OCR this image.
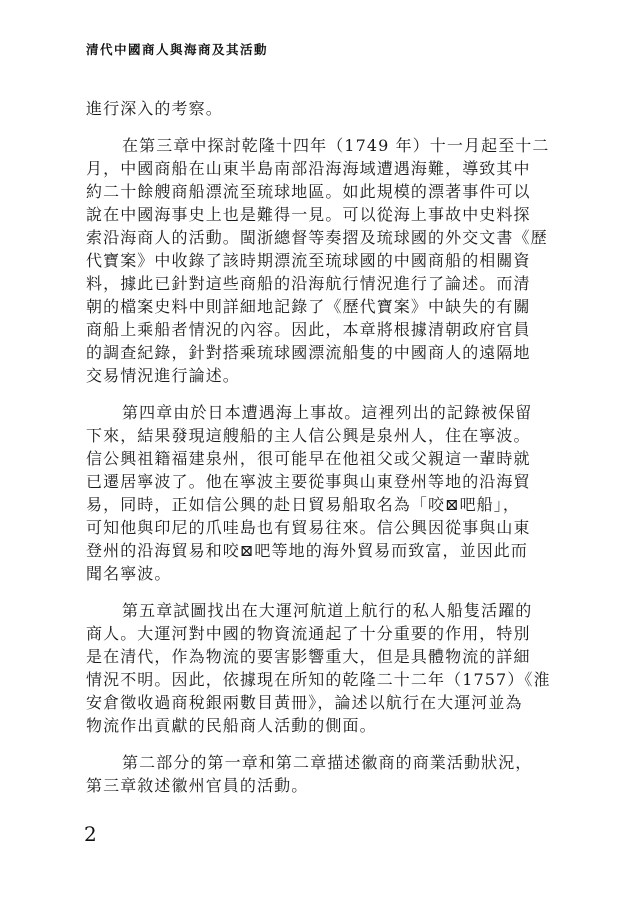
清代中國商人與海商及其活動
進行深入的考察。
在第三章中探討乾隆十四年（1749 年）十一月起至十二
月，中國商船在山東半島南部沿海海域遭遇海難，導致其中
約二十餘艘商船漂流至琉球地區。如此規模的漂著事件可以
說在中國海事史上也是難得一見。可以從海上事故中史料探
索沿海商人的活動。閩浙總督等奏摺及琉球國的外交文書《歷
代寶案》中收錄了該時期漂流至琉球國的中國商船的相關資
料，據此已針對這些商船的沿海航行情況進行了論述。而清
朝的檔案史料中則詳細地記錄了《歷代寶案》中缺失的有關
商船上乘船者情況的內容。因此，本章將根據清朝政府官員
的調查紀錄，針對搭乘琉球國漂流船隻的中國商人的遠隔地
交易情況進行論述。
第四章由於日本遭遇海上事故。這裡列出的記錄被保留
下來，結果發現這艘船的主人信公興是泉州人，住在寧波。
信公興祖籍福建泉州，很可能早在他祖父或父親這一輩時就
已遷居寧波了。他在寧波主要從事與山東登州等地的沿海貿
易，同時，正如信公興的赴日貿易船取名為「咬⊠吧船」，
可知他與印尼的爪哇島也有貿易往來。信公興因從事與山東
登州的沿海貿易和咬⊠吧等地的海外貿易而致富，並因此而
聞名寧波。
第五章試圖找出在大運河航道上航行的私人船隻活躍的
商人。大運河對中國的物資流通起了十分重要的作用，特別
是在清代，作為物流的要害影響重大，但是具體物流的詳細
情況不明。因此，依據現在所知的乾隆二十二年（1757）《淮
安倉徵收過商稅銀兩數目黃冊》，論述以航行在大運河並為
物流作出貢獻的民船商人活動的側面。
第二部分的第一章和第二章描述徽商的商業活動狀況，
第三章敘述徽州官員的活動。
2
